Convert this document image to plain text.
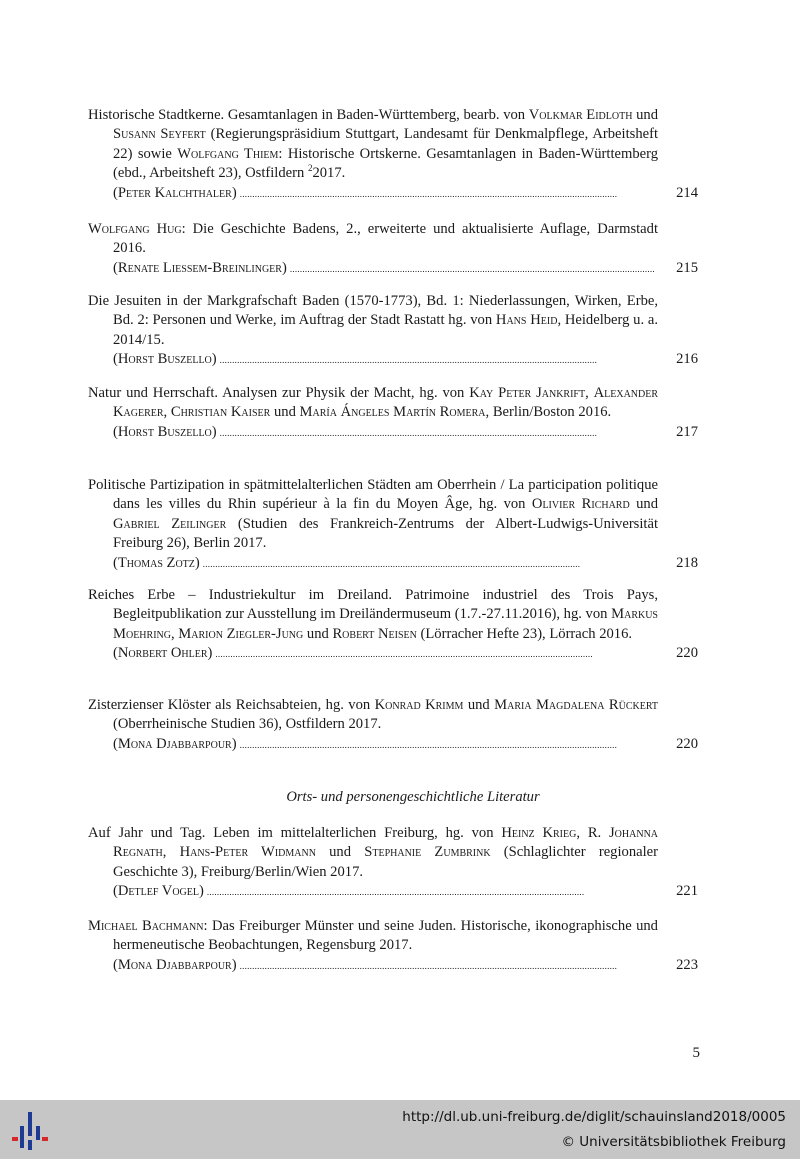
Orts- und personengeschichtliche Literatur
5
Historische Stadtkerne. Gesamtanlagen in Baden-Württemberg, bearb. von Volkmar Eidloth und Susann Seyfert (Regierungspräsidium Stuttgart, Landesamt für Denkmalpflege, Arbeitsheft 22) sowie Wolfgang Thiem: Historische Ortskerne. Gesamtanlagen in Baden-Württemberg (ebd., Arbeitsheft 23), Ostfildern $^2$2017.
(Peter Kalchthaler) . . .	214
Wolfgang Hug: Die Geschichte Badens, 2., erweiterte und aktualisierte Auflage, Darmstadt 2016.
(Renate Liessem-Breinlinger) . . .	215
Die Jesuiten in der Markgrafschaft Baden (1570-1773), Bd. 1: Niederlassungen, Wirken, Erbe, Bd. 2: Personen und Werke, im Auftrag der Stadt Rastatt hg. von Hans Heid, Heidelberg u. a. 2014/15.
(Horst Buszello) . . .	216
Natur und Herrschaft. Analysen zur Physik der Macht, hg. von Kay Peter Jankrift, Alexander Kagerer, Christian Kaiser und María Ángeles Martín Romera, Berlin/Boston 2016.
(Horst Buszello) . . .	217
Politische Partizipation in spätmittelalterlichen Städten am Oberrhein / La participation politique dans les villes du Rhin supérieur à la fin du Moyen Âge, hg. von Olivier Richard und Gabriel Zeilinger (Studien des Frankreich-Zentrums der Albert-Ludwigs-Universität Freiburg 26), Berlin 2017.
(Thomas Zotz) . . .	218
Reiches Erbe – Industriekultur im Dreiland. Patrimoine industriel des Trois Pays, Begleitpublikation zur Ausstellung im Dreiländermuseum (1.7.-27.11.2016), hg. von Markus Moehring, Marion Ziegler-Jung und Robert Neisen (Lörracher Hefte 23), Lörrach 2016.
(Norbert Ohler) . . .	220
Zisterzienser Klöster als Reichsabteien, hg. von Konrad Krimm und Maria Magdalena Rückert (Oberrheinische Studien 36), Ostfildern 2017.
(Mona Djabbarpour) . . .	220
Auf Jahr und Tag. Leben im mittelalterlichen Freiburg, hg. von Heinz Krieg, R. Johanna Regnath, Hans-Peter Widmann und Stephanie Zumbrink (Schlaglichter regionaler Geschichte 3), Freiburg/Berlin/Wien 2017.
(Detlef Vogel) . . .	221
Michael Bachmann: Das Freiburger Münster und seine Juden. Historische, ikonographische und hermeneutische Beobachtungen, Regensburg 2017.
(Mona Djabbarpour) . . .	223
http://dl.ub.uni-freiburg.de/diglit/schauinsland2018/0005
© Universitätsbibliothek Freiburg
